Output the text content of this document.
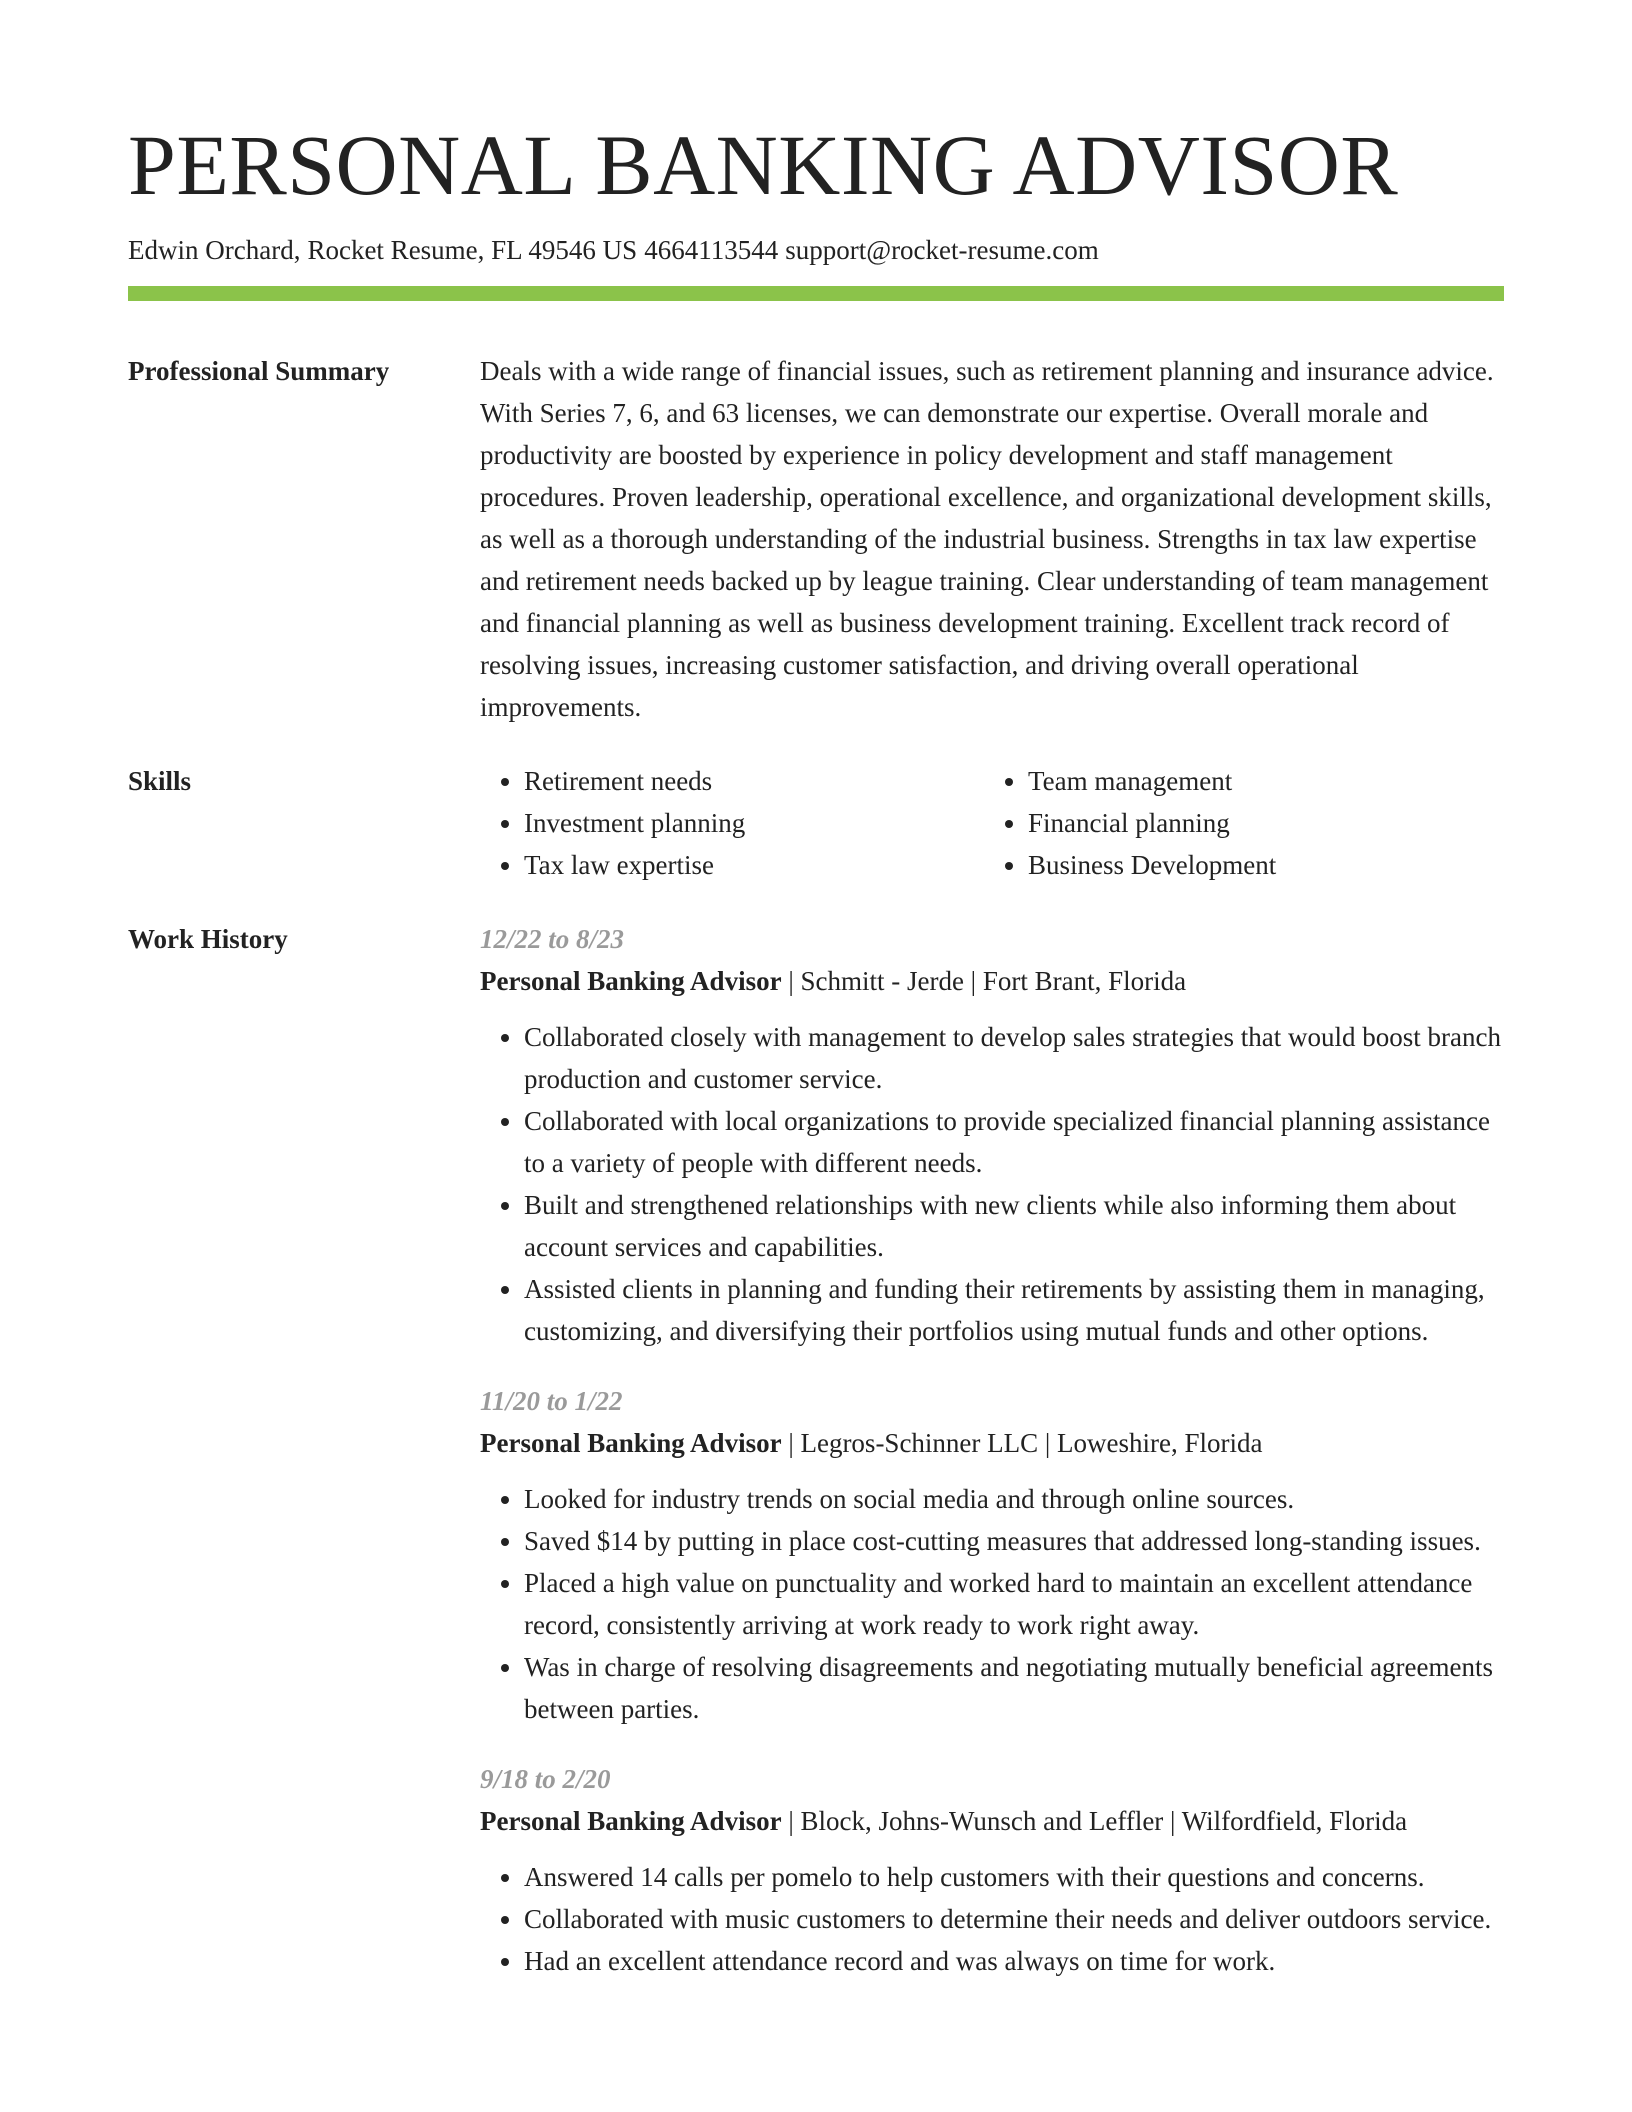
PERSONAL BANKING ADVISOR
Edwin Orchard, Rocket Resume, FL 49546 US 4664113544 support@rocket-resume.com
Professional Summary	Deals with a wide range of financial issues, such as retirement planning and insurance advice. With Series 7, 6, and 63 licenses, we can demonstrate our expertise. Overall morale and productivity are boosted by experience in policy development and staff management procedures. Proven leadership, operational excellence, and organizational development skills, as well as a thorough understanding of the industrial business. Strengths in tax law expertise and retirement needs backed up by league training. Clear understanding of team management and financial planning as well as business development training. Excellent track record of resolving issues, increasing customer satisfaction, and driving overall operational improvements.

Skills
•	Retirement needs
• Investment planning
• Tax law expertise
• Team management
• Financial planning
• Business Development
Work History	12/22 to 8/23
Personal Banking Advisor | Schmitt - Jerde | Fort Brant, Florida
• Collaborated closely with management to develop sales strategies that would boost branch production and customer service.
• Collaborated with local organizations to provide specialized financial planning assistance to a variety of people with different needs.
• Built and strengthened relationships with new clients while also informing them about account services and capabilities.
• Assisted clients in planning and funding their retirements by assisting them in managing, customizing, and diversifying their portfolios using mutual funds and other options.
11/20 to 1/22
Personal Banking Advisor | Legros-Schinner LLC | Loweshire, Florida
• Looked for industry trends on social media and through online sources.
• Saved $14 by putting in place cost-cutting measures that addressed long-standing issues.
• Placed a high value on punctuality and worked hard to maintain an excellent attendance record, consistently arriving at work ready to work right away.
• Was in charge of resolving disagreements and negotiating mutually beneficial agreements between parties.
9/18 to 2/20
Personal Banking Advisor | Block, Johns-Wunsch and Leffler | Wilfordfield, Florida
• Answered 14 calls per pomelo to help customers with their questions and concerns.
• Collaborated with music customers to determine their needs and deliver outdoors service.
• Had an excellent attendance record and was always on time for work.
